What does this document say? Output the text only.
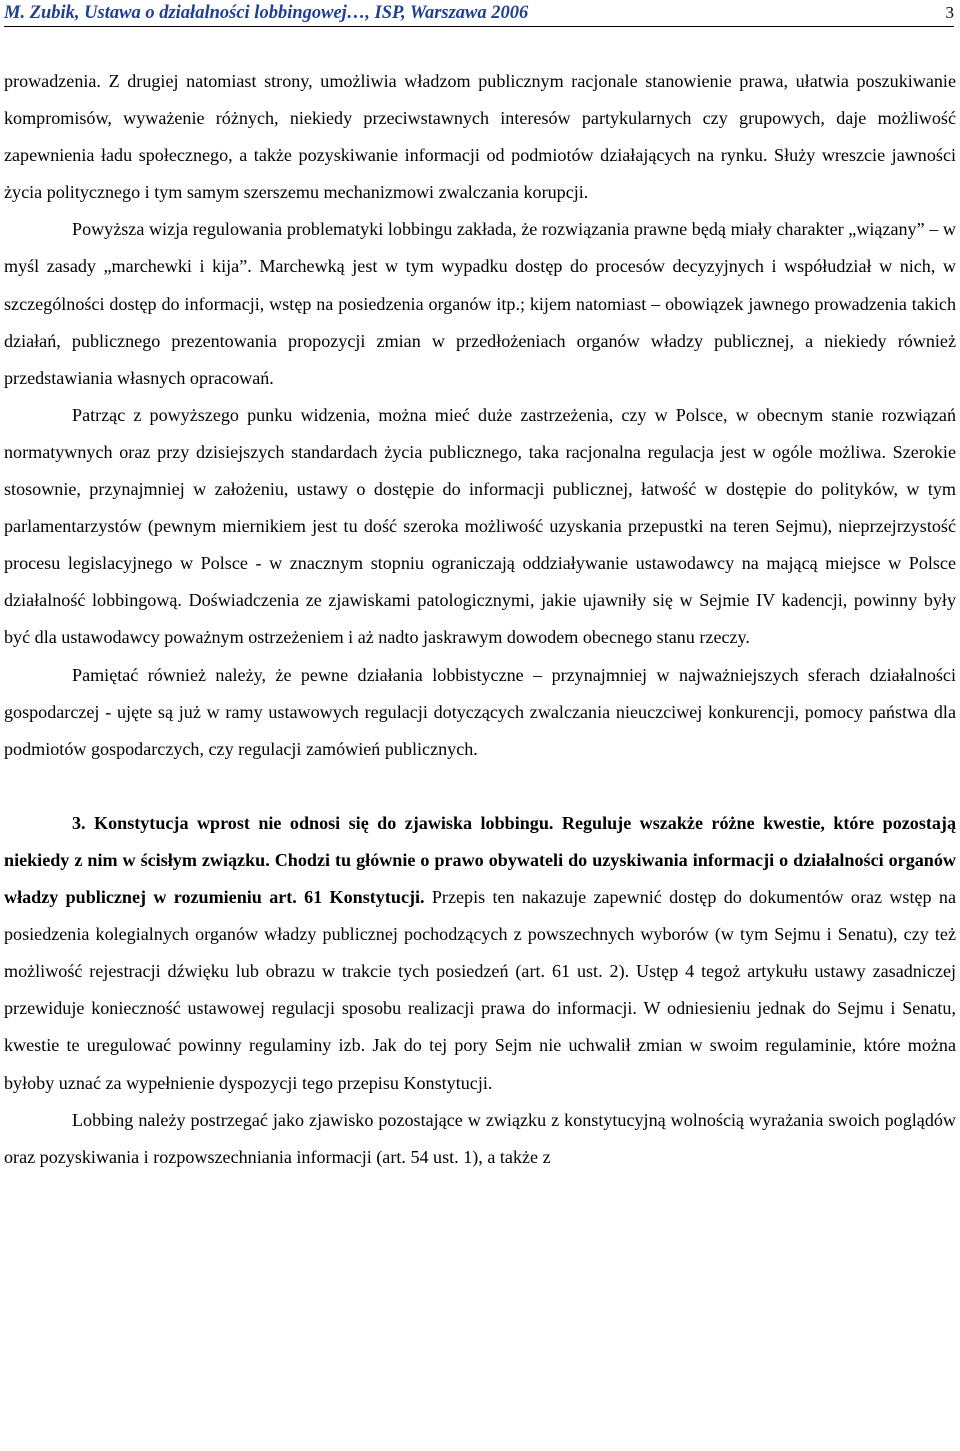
M. Zubik, Ustawa o działalności lobbingowej…, ISP, Warszawa 2006	3

prowadzenia. Z drugiej natomiast strony, umożliwia władzom publicznym racjonale stanowienie prawa, ułatwia poszukiwanie kompromisów, wyważenie różnych, niekiedy przeciwstawnych interesów partykularnych czy grupowych, daje możliwość zapewnienia ładu społecznego, a także pozyskiwanie informacji od podmiotów działających na rynku. Służy wreszcie jawności życia politycznego i tym samym szerszemu mechanizmowi zwalczania korupcji.

Powyższa wizja regulowania problematyki lobbingu zakłada, że rozwiązania prawne będą miały charakter „wiązany” – w myśl zasady „marchewki i kija”. Marchewką jest w tym wypadku dostęp do procesów decyzyjnych i współudział w nich, w szczególności dostęp do informacji, wstęp na posiedzenia organów itp.; kijem natomiast – obowiązek jawnego prowadzenia takich działań, publicznego prezentowania propozycji zmian w przedłożeniach organów władzy publicznej, a niekiedy również przedstawiania własnych opracowań.

Patrząc z powyższego punku widzenia, można mieć duże zastrzeżenia, czy w Polsce, w obecnym stanie rozwiązań normatywnych oraz przy dzisiejszych standardach życia publicznego, taka racjonalna regulacja jest w ogóle możliwa. Szerokie stosownie, przynajmniej w założeniu, ustawy o dostępie do informacji publicznej, łatwość w dostępie do polityków, w tym parlamentarzystów (pewnym miernikiem jest tu dość szeroka możliwość uzyskania przepustki na teren Sejmu), nieprzejrzystość procesu legislacyjnego w Polsce - w znacznym stopniu ograniczają oddziaływanie ustawodawcy na mającą miejsce w Polsce działalność lobbingową. Doświadczenia ze zjawiskami patologicznymi, jakie ujawniły się w Sejmie IV kadencji, powinny były być dla ustawodawcy poważnym ostrzeżeniem i aż nadto jaskrawym dowodem obecnego stanu rzeczy.

Pamiętać również należy, że pewne działania lobbistyczne – przynajmniej w najważniejszych sferach działalności gospodarczej - ujęte są już w ramy ustawowych regulacji dotyczących zwalczania nieuczciwej konkurencji, pomocy państwa dla podmiotów gospodarczych, czy regulacji zamówień publicznych.

3. Konstytucja wprost nie odnosi się do zjawiska lobbingu. Reguluje wszakże różne kwestie, które pozostają niekiedy z nim w ścisłym związku. Chodzi tu głównie o prawo obywateli do uzyskiwania informacji o działalności organów władzy publicznej w rozumieniu art. 61 Konstytucji. Przepis ten nakazuje zapewnić dostęp do dokumentów oraz wstęp na posiedzenia kolegialnych organów władzy publicznej pochodzących z powszechnych wyborów (w tym Sejmu i Senatu), czy też możliwość rejestracji dźwięku lub obrazu w trakcie tych posiedzeń (art. 61 ust. 2). Ustęp 4 tegoż artykułu ustawy zasadniczej przewiduje konieczność ustawowej regulacji sposobu realizacji prawa do informacji. W odniesieniu jednak do Sejmu i Senatu, kwestie te uregulować powinny regulaminy izb. Jak do tej pory Sejm nie uchwalił zmian w swoim regulaminie, które można byłoby uznać za wypełnienie dyspozycji tego przepisu Konstytucji.

Lobbing należy postrzegać jako zjawisko pozostające w związku z konstytucyjną wolnością wyrażania swoich poglądów oraz pozyskiwania i rozpowszechniania informacji (art. 54 ust. 1), a także z
